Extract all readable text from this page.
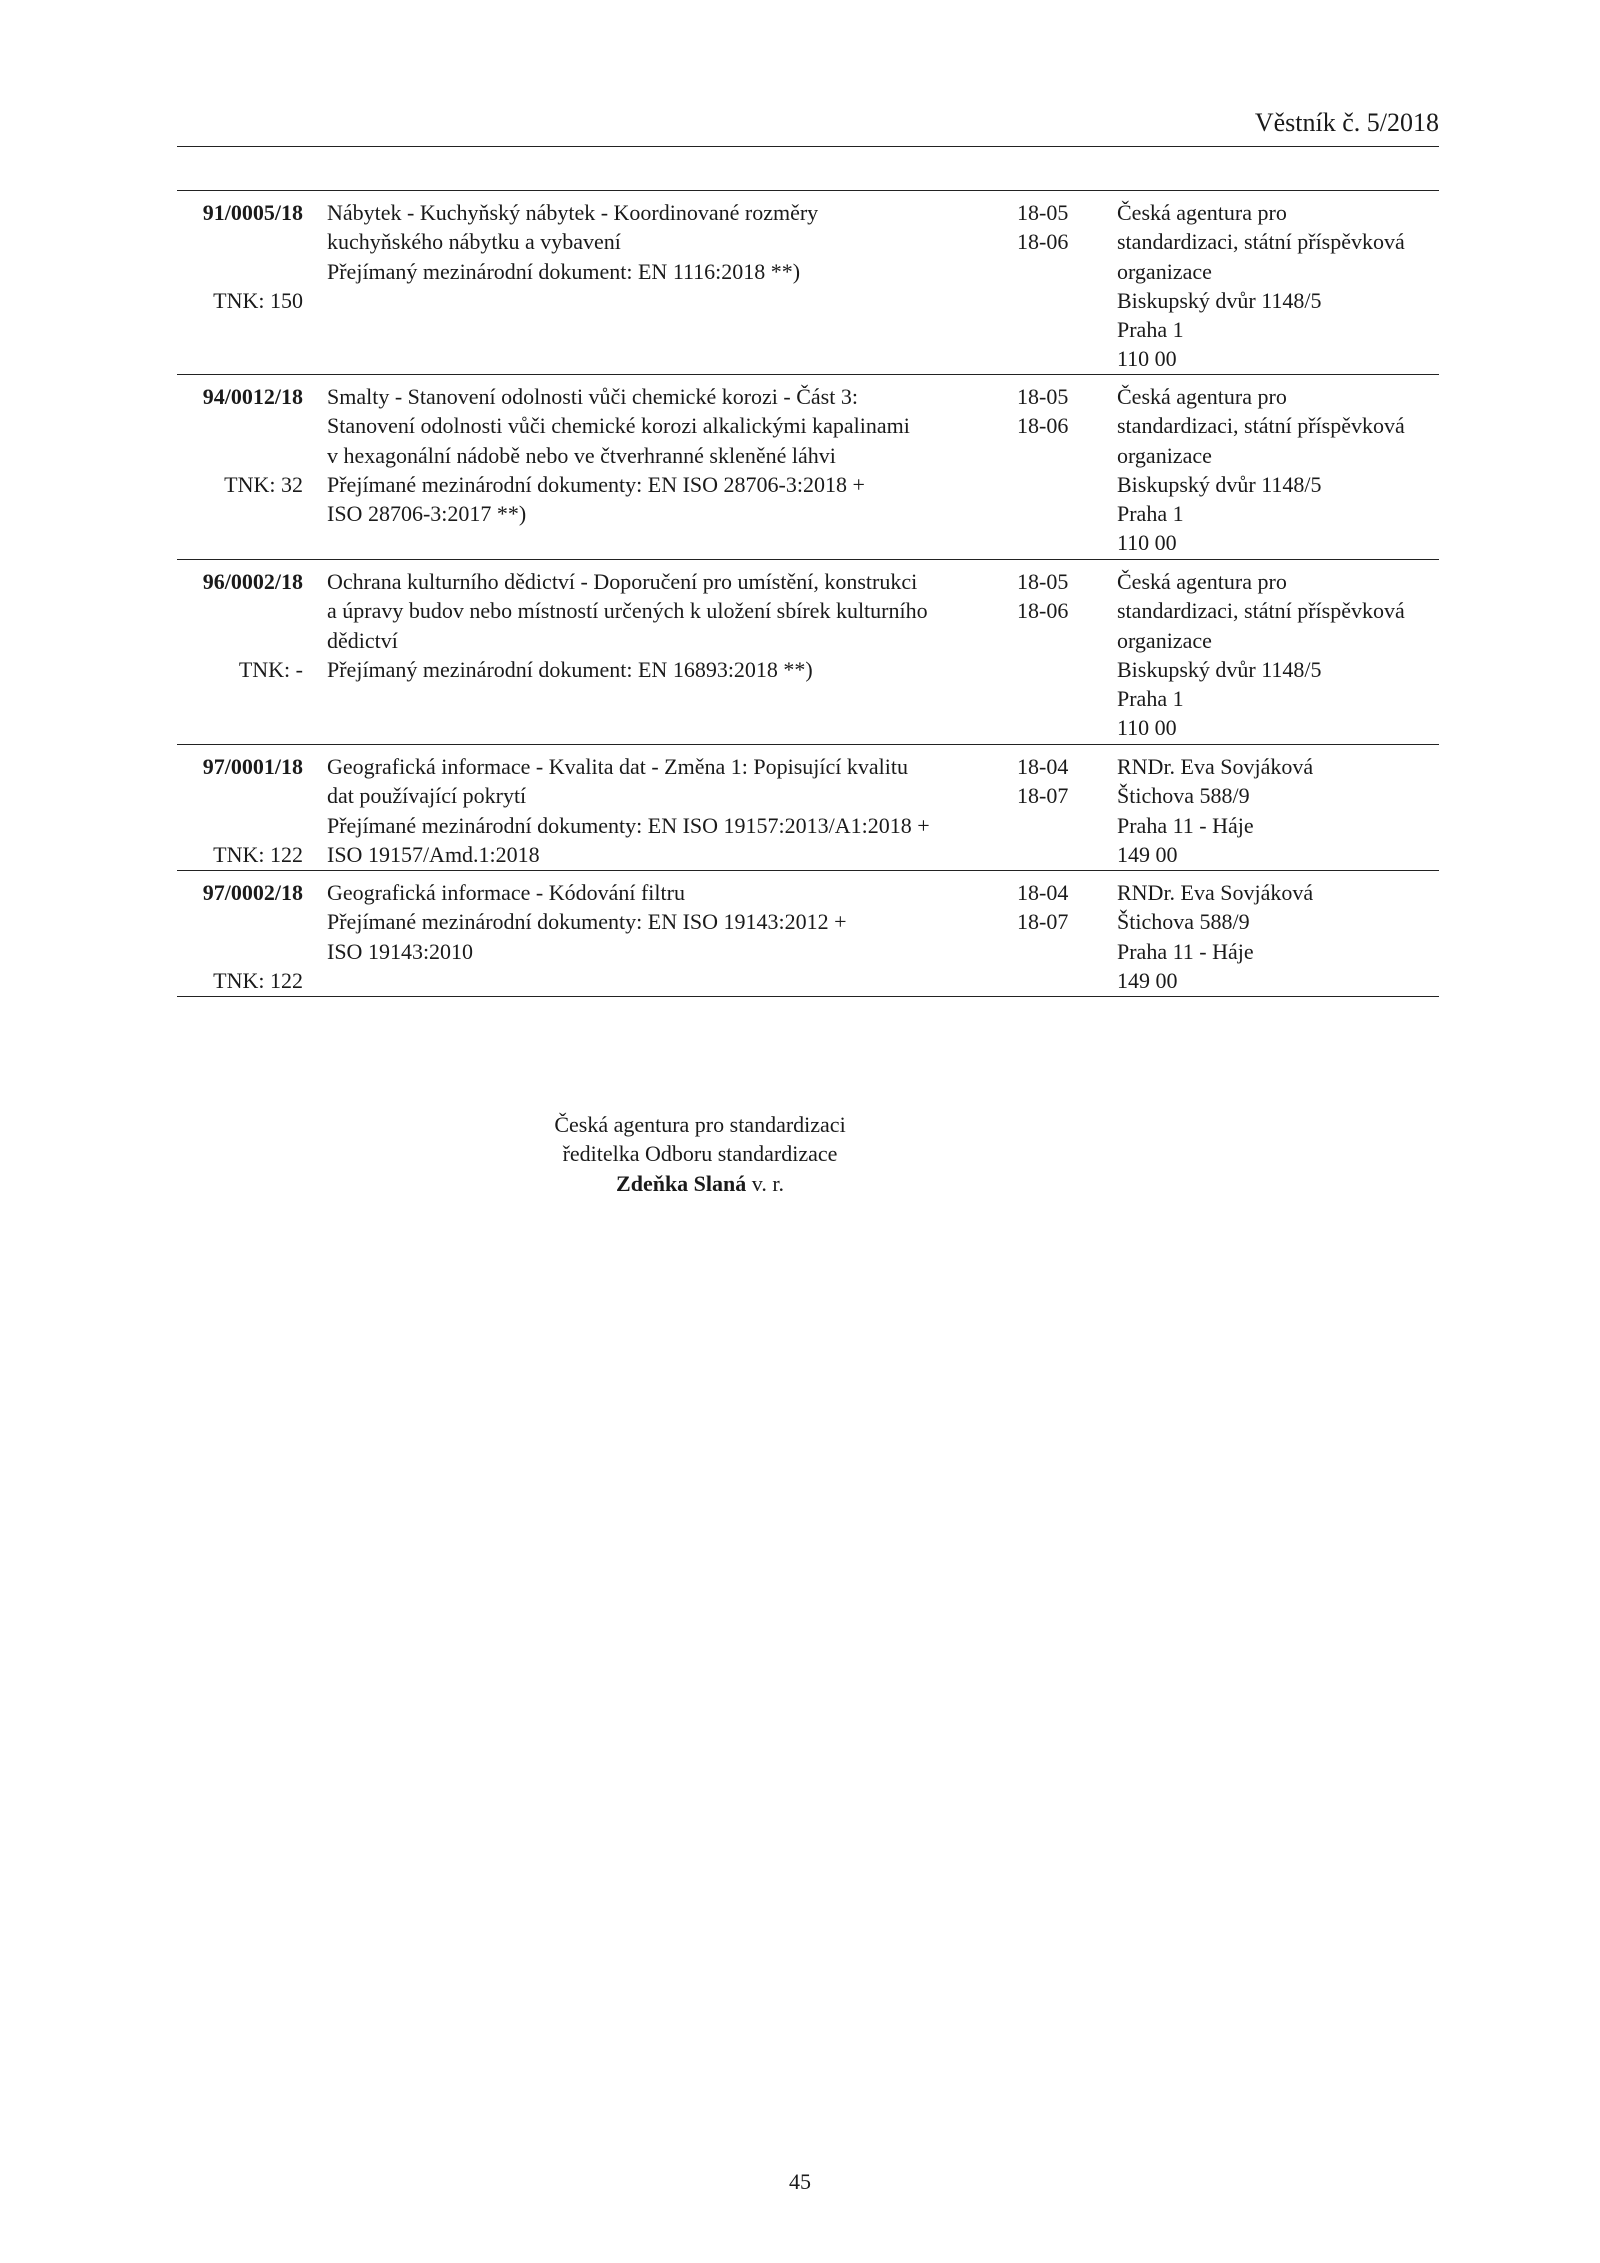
Věstník č. 5/2018
91/0005/18

TNK: 150
Nábytek - Kuchyňský nábytek - Koordinované rozměry
kuchyňského nábytku a vybavení
Přejímaný mezinárodní dokument: EN 1116:2018 **)
18-05
18-06
Česká agentura pro
standardizaci, státní příspěvková
organizace
Biskupský dvůr 1148/5
Praha 1
110 00
94/0012/18

TNK: 32
Smalty - Stanovení odolnosti vůči chemické korozi - Část 3:
Stanovení odolnosti vůči chemické korozi alkalickými kapalinami
v hexagonální nádobě nebo ve čtverhranné skleněné láhvi
Přejímané mezinárodní dokumenty: EN ISO 28706-3:2018 +
ISO 28706-3:2017 **)
18-05
18-06
Česká agentura pro
standardizaci, státní příspěvková
organizace
Biskupský dvůr 1148/5
Praha 1
110 00
96/0002/18

TNK: -
Ochrana kulturního dědictví - Doporučení pro umístění, konstrukci
a úpravy budov nebo místností určených k uložení sbírek kulturního
dědictví
Přejímaný mezinárodní dokument: EN 16893:2018 **)
18-05
18-06
Česká agentura pro
standardizaci, státní příspěvková
organizace
Biskupský dvůr 1148/5
Praha 1
110 00
97/0001/18

TNK: 122
Geografická informace - Kvalita dat - Změna 1: Popisující kvalitu
dat používající pokrytí
Přejímané mezinárodní dokumenty: EN ISO 19157:2013/A1:2018 +
ISO 19157/Amd.1:2018
18-04
18-07
RNDr. Eva Sovjáková
Štichova 588/9
Praha 11 - Háje
149 00
97/0002/18

TNK: 122
Geografická informace - Kódování filtru
Přejímané mezinárodní dokumenty: EN ISO 19143:2012 +
ISO 19143:2010
18-04
18-07
RNDr. Eva Sovjáková
Štichova 588/9
Praha 11 - Háje
149 00
Česká agentura pro standardizaci
ředitelka Odboru standardizace
Zdeňka Slaná v. r.
45
